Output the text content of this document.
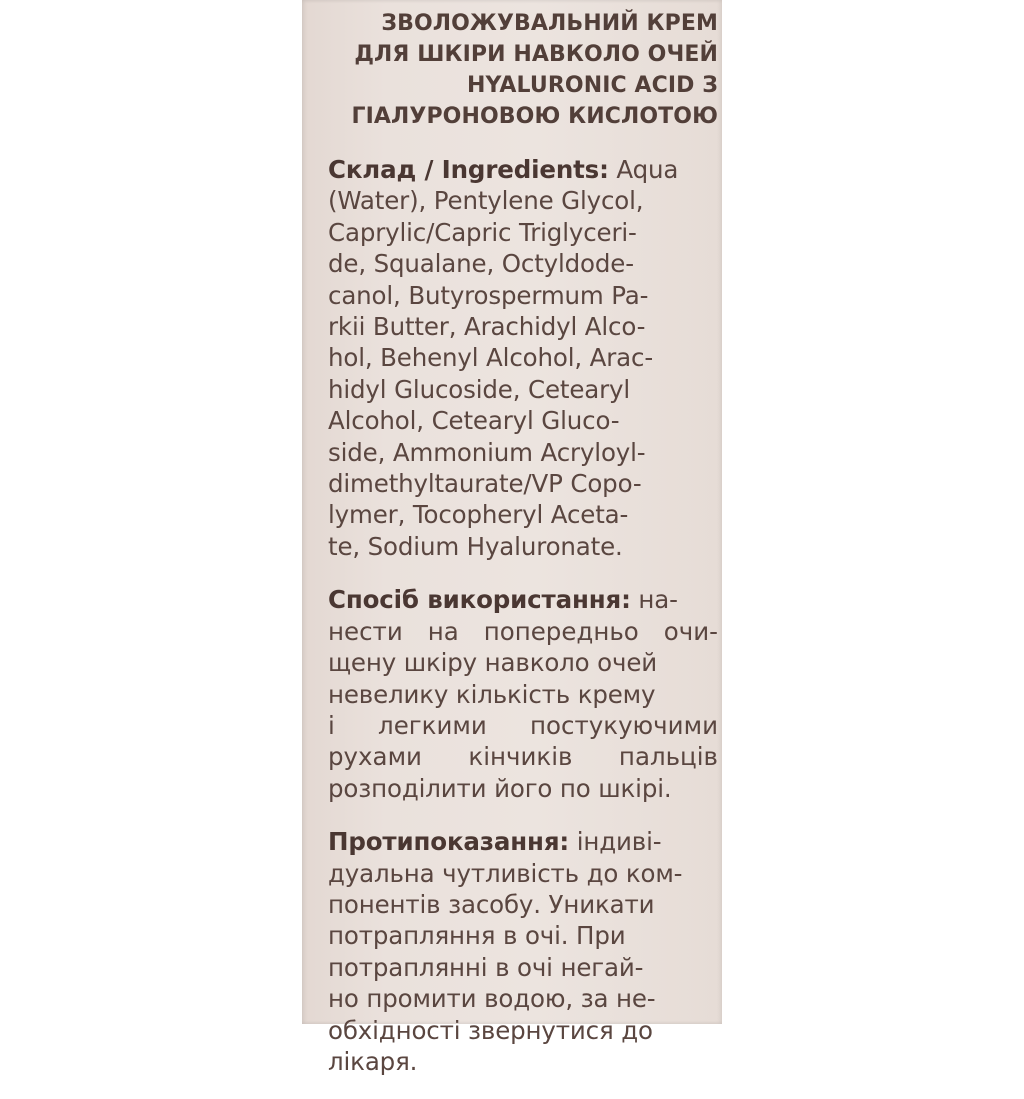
ЗВОЛОЖУВАЛЬНИЙ КРЕМ
ДЛЯ ШКІРИ НАВКОЛО ОЧЕЙ
HYALURONIC ACID З
ГІАЛУРОНОВОЮ КИСЛОТОЮ
Склад / Ingredients: Aqua
(Water), Pentylene Glycol,
Caprylic/Capric Triglyceri-
de, Squalane, Octyldode-
canol, Butyrospermum Pa-
rkii Butter, Arachidyl Alco-
hol, Behenyl Alcohol, Arac-
hidyl Glucoside, Cetearyl
Alcohol, Cetearyl Gluco-
side, Ammonium Acryloyl-
dimethyltaurate/VP Copo-
lymer, Tocopheryl Aceta-
te, Sodium Hyaluronate.
Спосіб використання: на-
нести на попередньо очи-
щену шкіру навколо очей
невелику кількість крему
і легкими постукуючими
рухами кінчиків пальців
розподілити його по шкірі.
Протипоказання: індиві-
дуальна чутливість до ком-
понентів засобу. Уникати
потрапляння в очі. При
потраплянні в очі негай-
но промити водою, за не-
обхідності звернутися до
лікаря.
